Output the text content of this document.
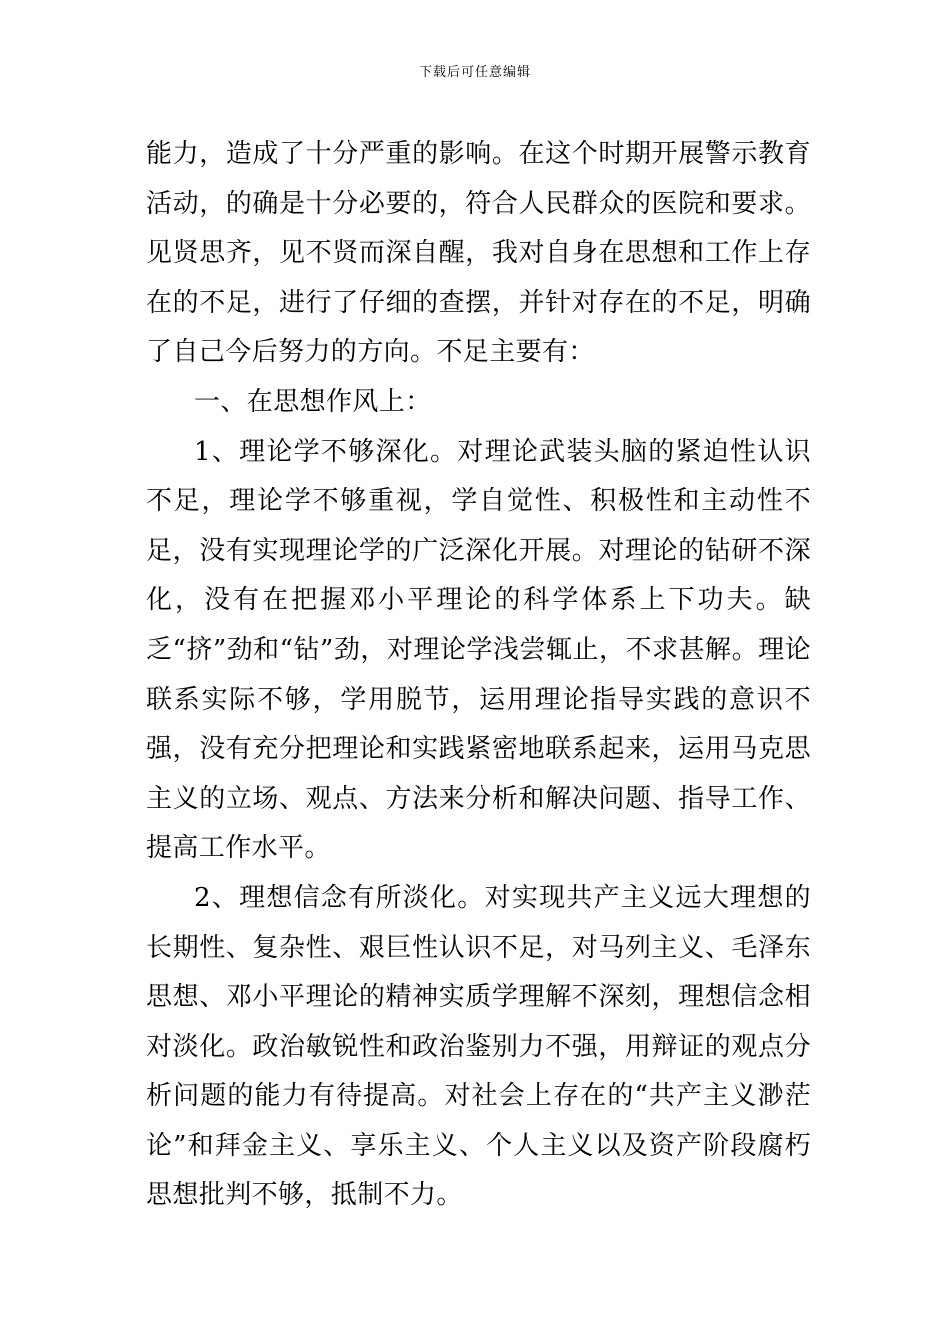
下载后可任意编辑

能力，造成了十分严重的影响。在这个时期开展警示教育活动，的确是十分必要的，符合人民群众的医院和要求。见贤思齐，见不贤而深自醒，我对自身在思想和工作上存在的不足，进行了仔细的查摆，并针对存在的不足，明确了自己今后努力的方向。不足主要有：

一、在思想作风上：

1、理论学不够深化。对理论武装头脑的紧迫性认识不足，理论学不够重视，学自觉性、积极性和主动性不足，没有实现理论学的广泛深化开展。对理论的钻研不深化，没有在把握邓小平理论的科学体系上下功夫。缺乏“挤”劲和“钻”劲，对理论学浅尝辄止，不求甚解。理论联系实际不够，学用脱节，运用理论指导实践的意识不强，没有充分把理论和实践紧密地联系起来，运用马克思主义的立场、观点、方法来分析和解决问题、指导工作、提高工作水平。

2、理想信念有所淡化。对实现共产主义远大理想的长期性、复杂性、艰巨性认识不足，对马列主义、毛泽东思想、邓小平理论的精神实质学理解不深刻，理想信念相对淡化。政治敏锐性和政治鉴别力不强，用辩证的观点分析问题的能力有待提高。对社会上存在的“共产主义渺茫论”和拜金主义、享乐主义、个人主义以及资产阶段腐朽思想批判不够，抵制不力。
